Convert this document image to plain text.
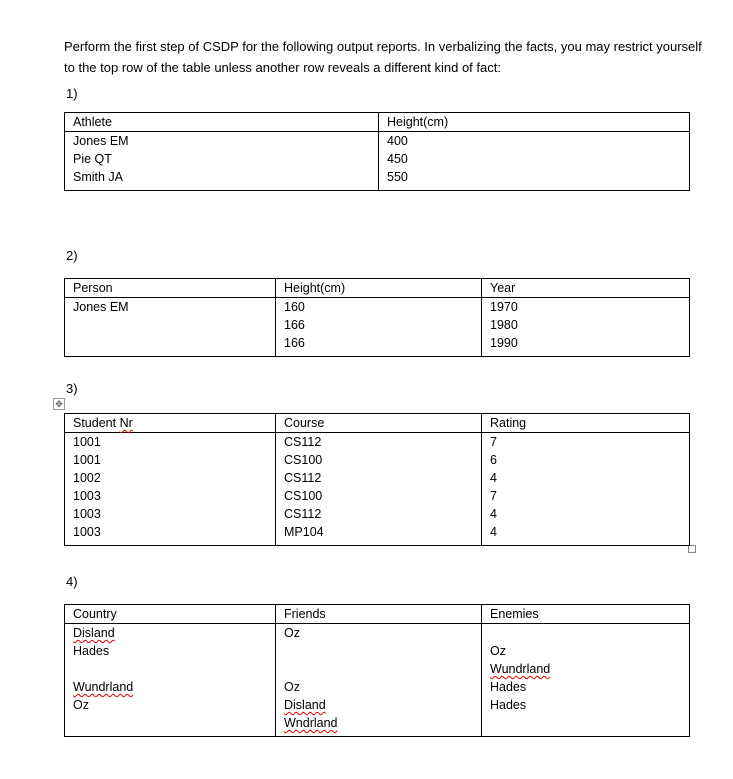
Perform the first step of CSDP for the following output reports. In verbalizing the facts, you may restrict yourself to the top row of the table unless another row reveals a different kind of fact:
✥
1)
Athlete	Height(cm)
Jones EM	400
Pie QT	450
Smith JA	550

2)
Person	Height(cm)	Year
Jones EM	160	1970
	166	1980
	166	1990

3)
Student Nr	Course	Rating
1001	CS112	7
1001	CS100	6
1002	CS112	4
1003	CS100	7
1003	CS112	4
1003	MP104	4

4)
Country	Friends	Enemies
Disland	Oz	
Hades		Oz
		Wundrland
Wundrland	Oz	Hades
Oz	Disland	Hades
	Wndrland	
